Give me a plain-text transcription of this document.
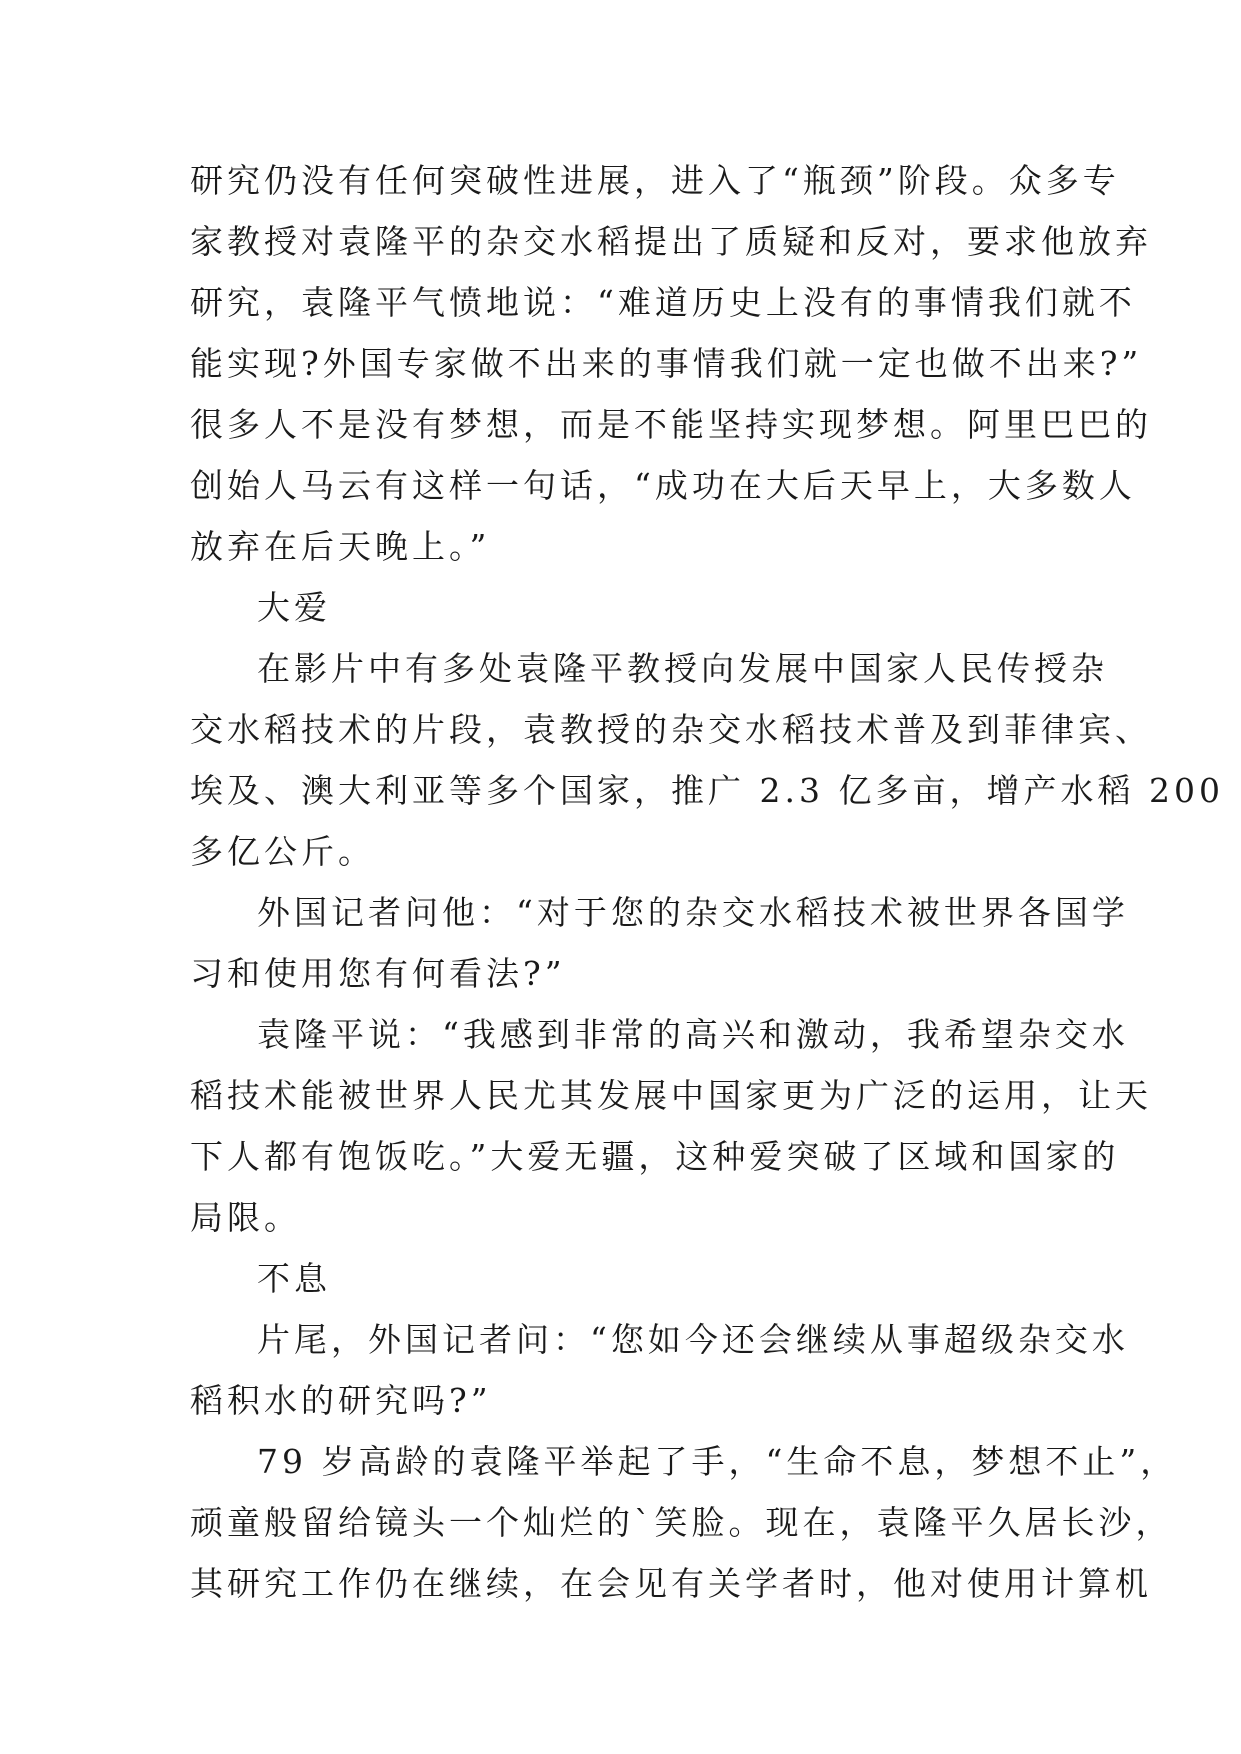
研究仍没有任何突破性进展，进入了“瓶颈”阶段。众多专
家教授对袁隆平的杂交水稻提出了质疑和反对，要求他放弃
研究，袁隆平气愤地说：“难道历史上没有的事情我们就不
能实现?外国专家做不出来的事情我们就一定也做不出来?”
很多人不是没有梦想，而是不能坚持实现梦想。阿里巴巴的
创始人马云有这样一句话，“成功在大后天早上，大多数人
放弃在后天晚上。”
大爱
在影片中有多处袁隆平教授向发展中国家人民传授杂
交水稻技术的片段，袁教授的杂交水稻技术普及到菲律宾、
埃及、澳大利亚等多个国家，推广 2.3 亿多亩，增产水稻 200
多亿公斤。
外国记者问他：“对于您的杂交水稻技术被世界各国学
习和使用您有何看法?”
袁隆平说：“我感到非常的高兴和激动，我希望杂交水
稻技术能被世界人民尤其发展中国家更为广泛的运用，让天
下人都有饱饭吃。”大爱无疆，这种爱突破了区域和国家的
局限。
不息
片尾，外国记者问：“您如今还会继续从事超级杂交水
稻积水的研究吗?”
79 岁高龄的袁隆平举起了手，“生命不息，梦想不止”，
顽童般留给镜头一个灿烂的`笑脸。现在，袁隆平久居长沙，
其研究工作仍在继续，在会见有关学者时，他对使用计算机
